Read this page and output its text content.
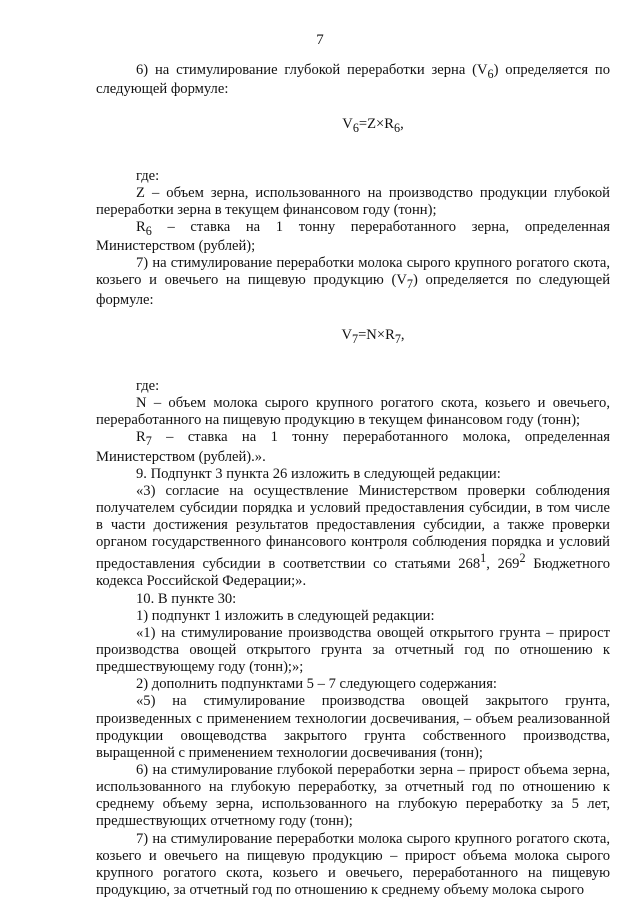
7

6) на стимулирование глубокой переработки зерна $(V_6)$ определяется по следующей формуле:

$V_6=Z\times R_6$,

где:

Z – объем зерна, использованного на производство продукции глубокой переработки зерна в текущем финансовом году (тонн);

$R_6$ – ставка на 1 тонну переработанного зерна, определенная Министерством (рублей);

7) на стимулирование переработки молока сырого крупного рогатого скота, козьего и овечьего на пищевую продукцию $(V_7)$ определяется по следующей формуле:

$V_7=N\times R_7$,

где:

N – объем молока сырого крупного рогатого скота, козьего и овечьего, переработанного на пищевую продукцию в текущем финансовом году (тонн);

$R_7$ – ставка на 1 тонну переработанного молока, определенная Министерством (рублей).».

9. Подпункт 3 пункта 26 изложить в следующей редакции:

«3) согласие на осуществление Министерством проверки соблюдения получателем субсидии порядка и условий предоставления субсидии, в том числе в части достижения результатов предоставления субсидии, а также проверки органом государственного финансового контроля соблюдения порядка и условий предоставления субсидии в соответствии со статьями $268^1$, $269^2$ Бюджетного кодекса Российской Федерации;».

10. В пункте 30:

1) подпункт 1 изложить в следующей редакции:

«1) на стимулирование производства овощей открытого грунта – прирост производства овощей открытого грунта за отчетный год по отношению к предшествующему году (тонн);»;

2) дополнить подпунктами 5 – 7 следующего содержания:

«5) на стимулирование производства овощей закрытого грунта, произведенных с применением технологии досвечивания, – объем реализованной продукции овощеводства закрытого грунта собственного производства, выращенной с применением технологии досвечивания (тонн);

6) на стимулирование глубокой переработки зерна – прирост объема зерна, использованного на глубокую переработку, за отчетный год по отношению к среднему объему зерна, использованного на глубокую переработку за 5 лет, предшествующих отчетному году (тонн);

7) на стимулирование переработки молока сырого крупного рогатого скота, козьего и овечьего на пищевую продукцию – прирост объема молока сырого крупного рогатого скота, козьего и овечьего, переработанного на пищевую продукцию, за отчетный год по отношению к среднему объему молока сырого
